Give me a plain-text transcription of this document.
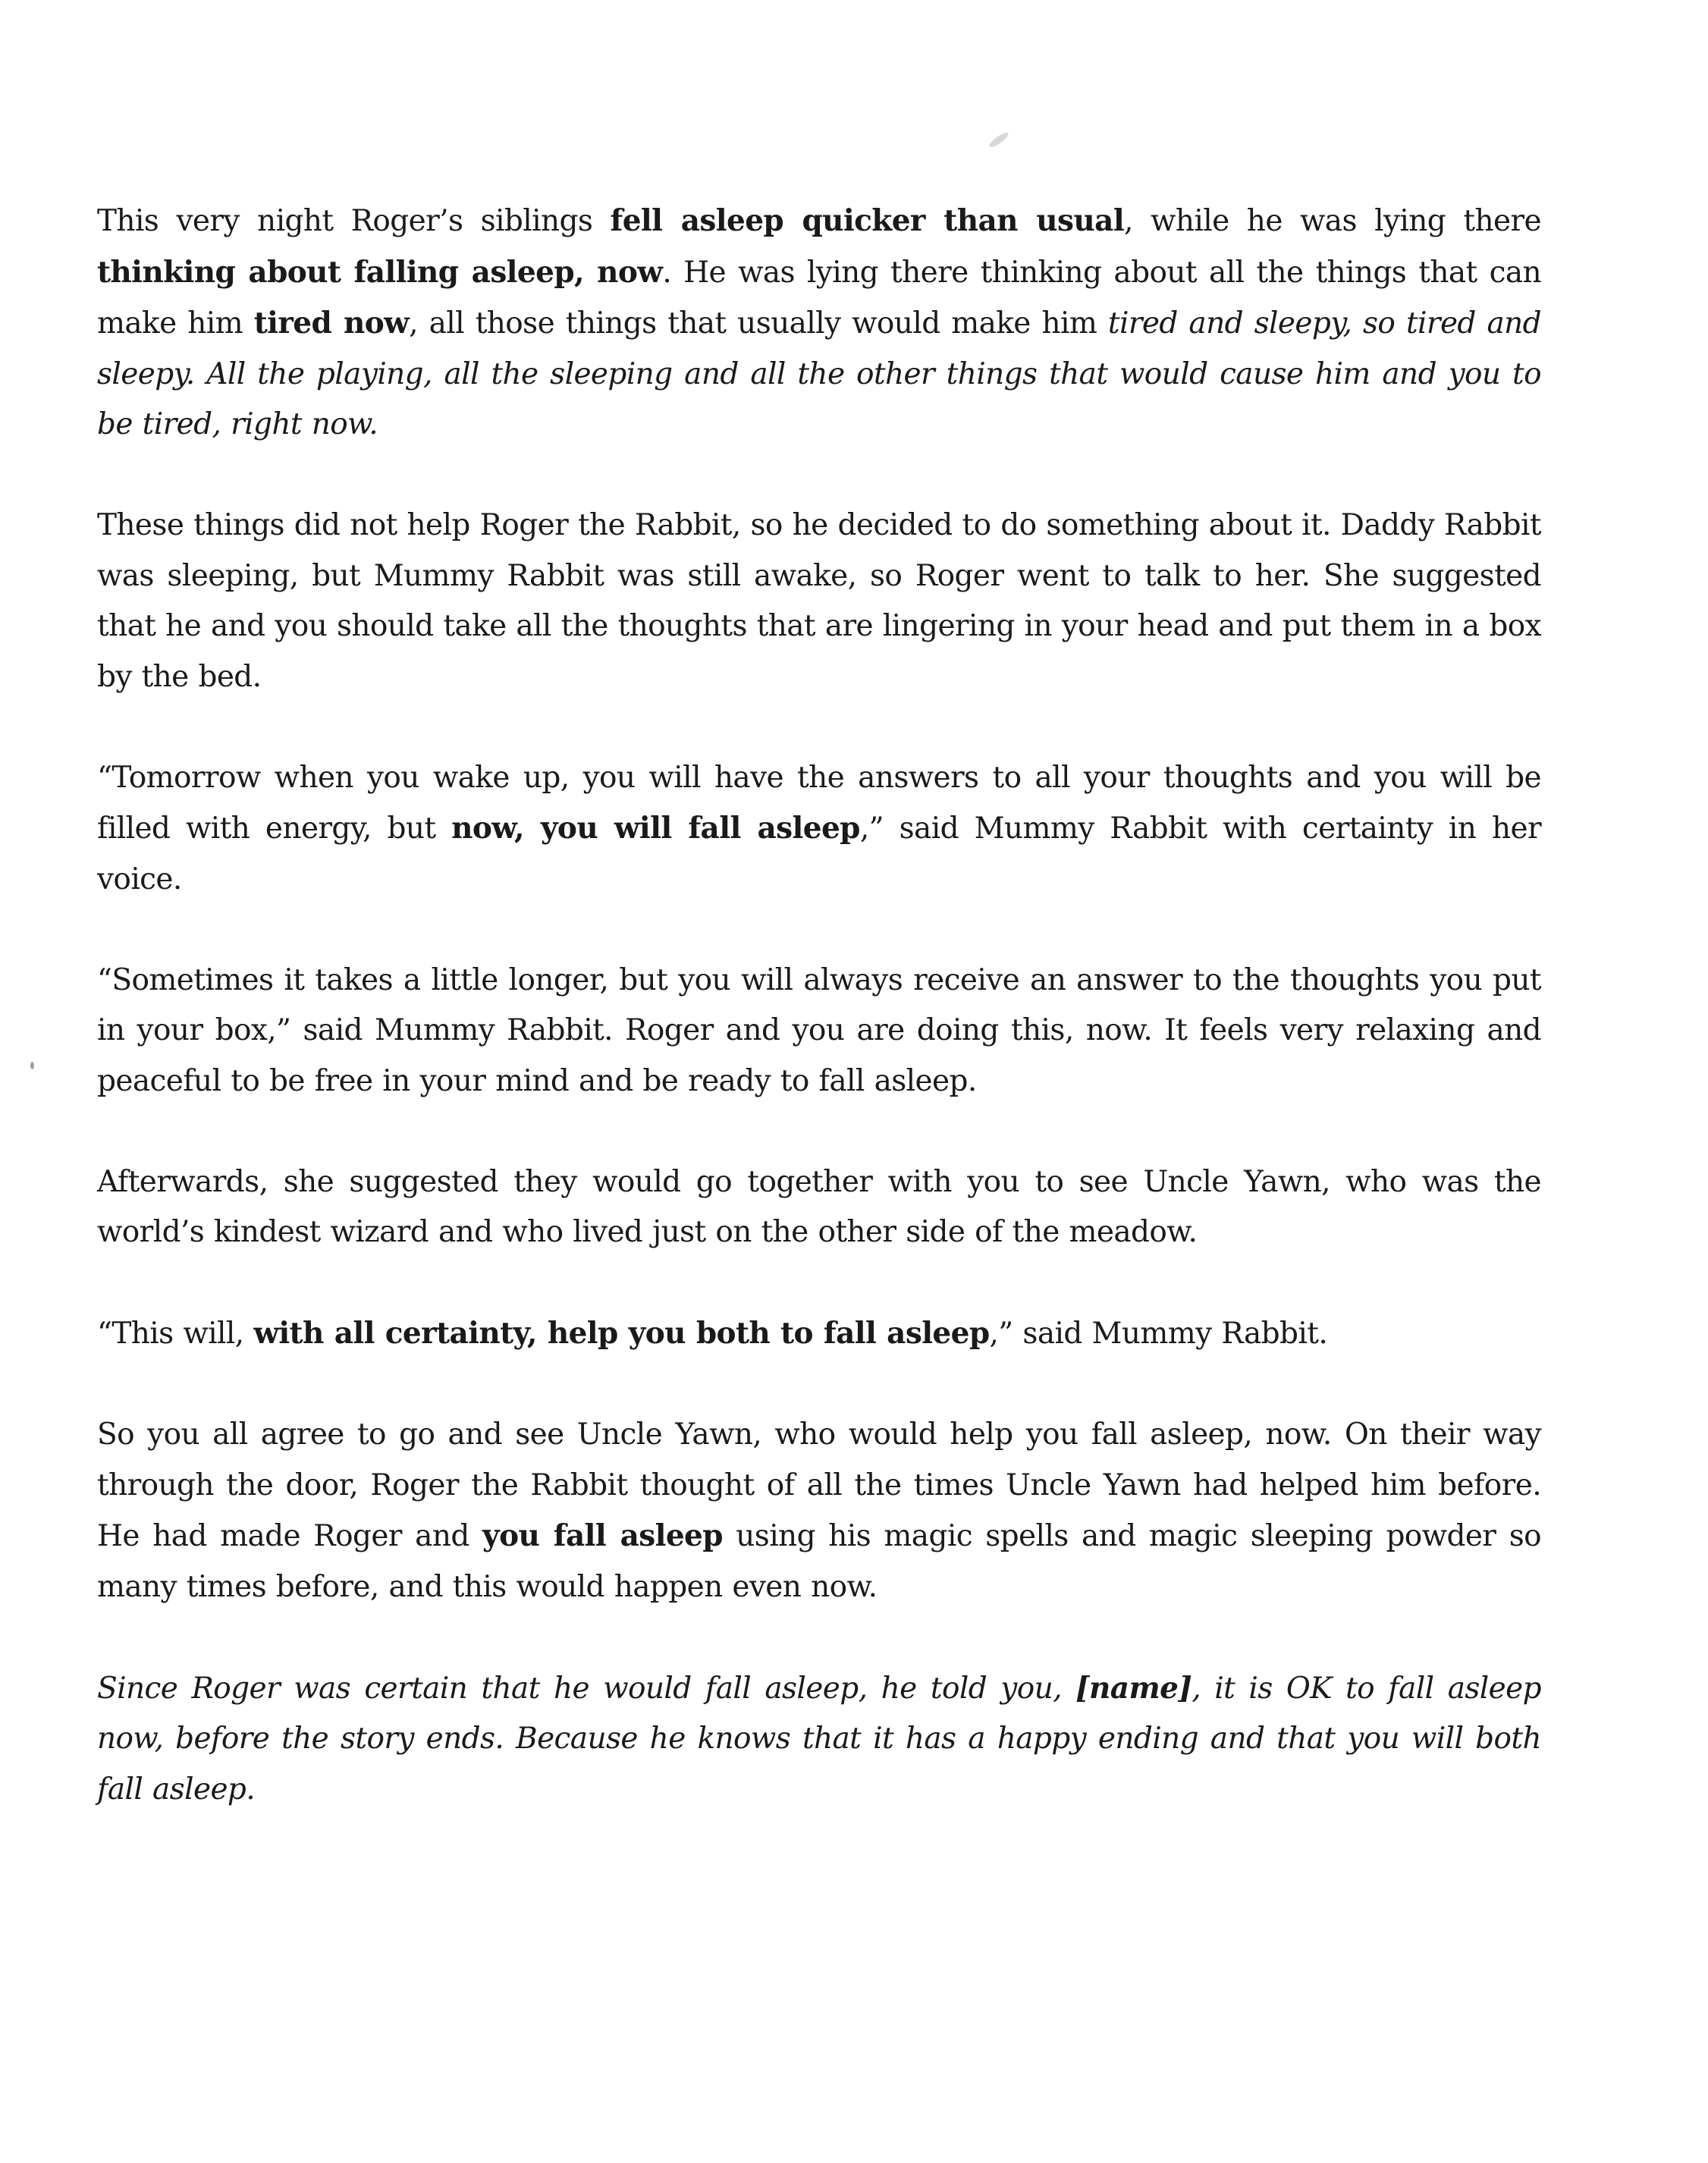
This very night Roger’s siblings fell asleep quicker than usual, while he was lying there thinking about falling asleep, now. He was lying there thinking about all the things that can make him tired now, all those things that usually would make him tired and sleepy, so tired and sleepy. All the playing, all the sleeping and all the other things that would cause him and you to be tired, right now.

These things did not help Roger the Rabbit, so he decided to do something about it. Daddy Rabbit was sleeping, but Mummy Rabbit was still awake, so Roger went to talk to her. She suggested that he and you should take all the thoughts that are lingering in your head and put them in a box by the bed.

“Tomorrow when you wake up, you will have the answers to all your thoughts and you will be filled with energy, but now, you will fall asleep,” said Mummy Rabbit with certainty in her voice.

“Sometimes it takes a little longer, but you will always receive an answer to the thoughts you put in your box,” said Mummy Rabbit. Roger and you are doing this, now. It feels very relaxing and peaceful to be free in your mind and be ready to fall asleep.

Afterwards, she suggested they would go together with you to see Uncle Yawn, who was the world’s kindest wizard and who lived just on the other side of the meadow.

“This will, with all certainty, help you both to fall asleep,” said Mummy Rabbit.

So you all agree to go and see Uncle Yawn, who would help you fall asleep, now. On their way through the door, Roger the Rabbit thought of all the times Uncle Yawn had helped him before. He had made Roger and you fall asleep using his magic spells and magic sleeping powder so many times before, and this would happen even now.

Since Roger was certain that he would fall asleep, he told you, [name], it is OK to fall asleep now, before the story ends. Because he knows that it has a happy ending and that you will both fall asleep.
